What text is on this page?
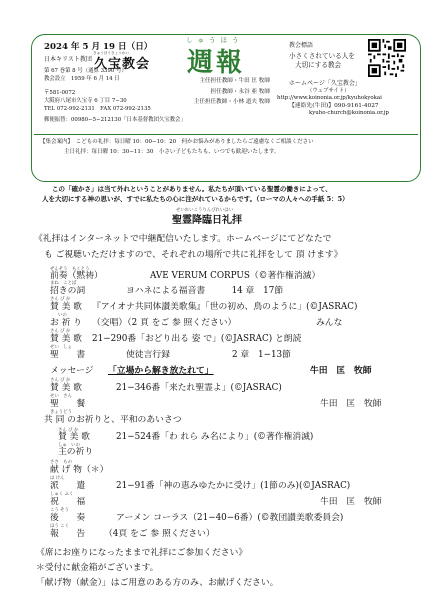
2024 年 5 月 19 日（日）
きゅうほうきょうかい
日本キリスト教団 久宝教会
第 67 巻第 8 号（通算 3390 号）
教会設立　1959 年 6 月 14 日
〒581-0072
大阪府八尾市久宝寺 6 丁目 7−30
TEL 072-992-2131　FAX 072-992-2135
郵便振替：00980−5−212130「日本基督教団久宝教会」
しゅうほう
週報
主任担任教師・牛田 匡 牧師
担任教師・永谷 亜 牧師
主任担任教師・小林 道夫 牧師
教会標語
小さくされている人を
大切にする教会
ホームページ「久宝教会」
（ウェブサイト）
http://www.koinonia.or.jp/kyuhokyokai
【連絡先(牛田)】090-9161-4027
kyuho-church@koinonia.or.jp
【集会案内】　こどもの礼拝：毎日曜 10：00−10：20　何かお悩みがありましたらご遠慮なくご相談ください
主日礼拝：毎日曜 10：30−11：30　小さい子どもたちも、いつでも歓迎いたします。
この「確かさ」は当て外れということがありません。私たちが頂いている聖霊の働きによって、
人を大切にする神の思いが、すでに私たちの心に注がれているからです。（ローマの人々への手紙 5：5）
せいれいこうりんびれいはい
聖霊降臨日礼拝
《礼拝はインターネットで中継配信いたします。ホームページにてどなたで
も ご視聴いただけますので、それぞれの場所で共に礼拝をして 頂 けます》
ぜんそう　もくとう
前奏（黙祷）	AVE VERUM CORPUS（©著作権消滅）
まね　ことば
招きの詞	ヨハネによる福音書　　　14 章　17節
さん び か
賛 美 歌 『アイオナ共同体讃美歌集』「世の初め、鳥のように」(©JASRAC)
いの
お 祈 り （交唱）（2 頁 をご 参 照ください）	みんな
さん び か
賛 美 歌 21−290番「おどり出る 姿 で」(©JASRAC) と朗読
せい　しょ
聖　　書	使徒言行録	2 章　1−13節
メッセージ 「立場から解き放たれて」	牛田　匡　牧師
さん び か
賛 美 歌	21−346番「来たれ聖霊よ」(©JASRAC)
せい　さん
聖　　餐	牛田　匡　牧師
きょうどう
共 同 のお祈りと、平和のあいさつ
さん び か
賛 美 歌	21−524番「わ れら み名により」(©著作権消滅)
しゅ　いの
主の祈り
ささ　もの
献 げ 物（＊）
は けん
派　　遣	21−91番「神の恵みゆたかに受け」(1節のみ)(©JASRAC)
しゅく ふく
祝　　福	牛田　匡　牧師
こう そう
後　　奏	アーメン コーラス（21−40−6番）(©教団讃美歌委員会)
ほう こく
報　　告 （4頁 をご 参 照ください）
《席にお座りになったままで礼拝にご参加ください》
＊受付に献金箱がございます。
「献げ物（献金）」はご用意のある方のみ、お献げください。
